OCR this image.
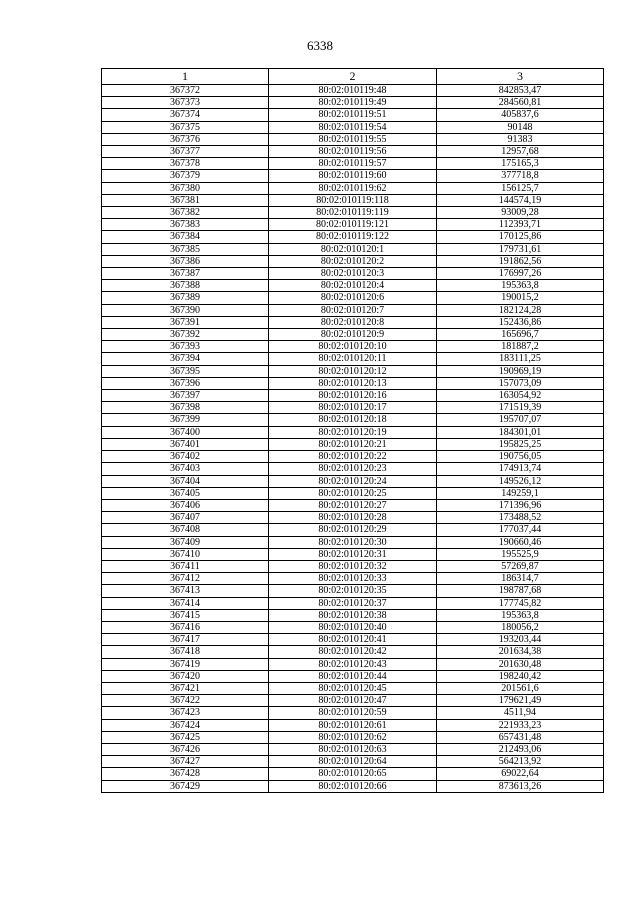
6338
1	2	3
367372	80:02:010119:48	842853,47
367373	80:02:010119:49	284560,81
367374	80:02:010119:51	405837,6
367375	80:02:010119:54	90148
367376	80:02:010119:55	91383
367377	80:02:010119:56	12957,68
367378	80:02:010119:57	175165,3
367379	80:02:010119:60	377718,8
367380	80:02:010119:62	156125,7
367381	80:02:010119:118	144574,19
367382	80:02:010119:119	93009,28
367383	80:02:010119:121	112393,71
367384	80:02:010119:122	170125,86
367385	80:02:010120:1	179731,61
367386	80:02:010120:2	191862,56
367387	80:02:010120:3	176997,26
367388	80:02:010120:4	195363,8
367389	80:02:010120:6	190015,2
367390	80:02:010120:7	182124,28
367391	80:02:010120:8	152436,86
367392	80:02:010120:9	165696,7
367393	80:02:010120:10	181887,2
367394	80:02:010120:11	183111,25
367395	80:02:010120:12	190969,19
367396	80:02:010120:13	157073,09
367397	80:02:010120:16	163054,92
367398	80:02:010120:17	171519,39
367399	80:02:010120:18	195707,07
367400	80:02:010120:19	184301,01
367401	80:02:010120:21	195825,25
367402	80:02:010120:22	190756,05
367403	80:02:010120:23	174913,74
367404	80:02:010120:24	149526,12
367405	80:02:010120:25	149259,1
367406	80:02:010120:27	171396,96
367407	80:02:010120:28	173488,52
367408	80:02:010120:29	177037,44
367409	80:02:010120:30	190660,46
367410	80:02:010120:31	195525,9
367411	80:02:010120:32	57269,87
367412	80:02:010120:33	186314,7
367413	80:02:010120:35	198787,68
367414	80:02:010120:37	177745,82
367415	80:02:010120:38	195363,8
367416	80:02:010120:40	180056,2
367417	80:02:010120:41	193203,44
367418	80:02:010120:42	201634,38
367419	80:02:010120:43	201630,48
367420	80:02:010120:44	198240,42
367421	80:02:010120:45	201561,6
367422	80:02:010120:47	179621,49
367423	80:02:010120:59	4511,94
367424	80:02:010120:61	221933,23
367425	80:02:010120:62	657431,48
367426	80:02:010120:63	212493,06
367427	80:02:010120:64	564213,92
367428	80:02:010120:65	69022,64
367429	80:02:010120:66	873613,26
